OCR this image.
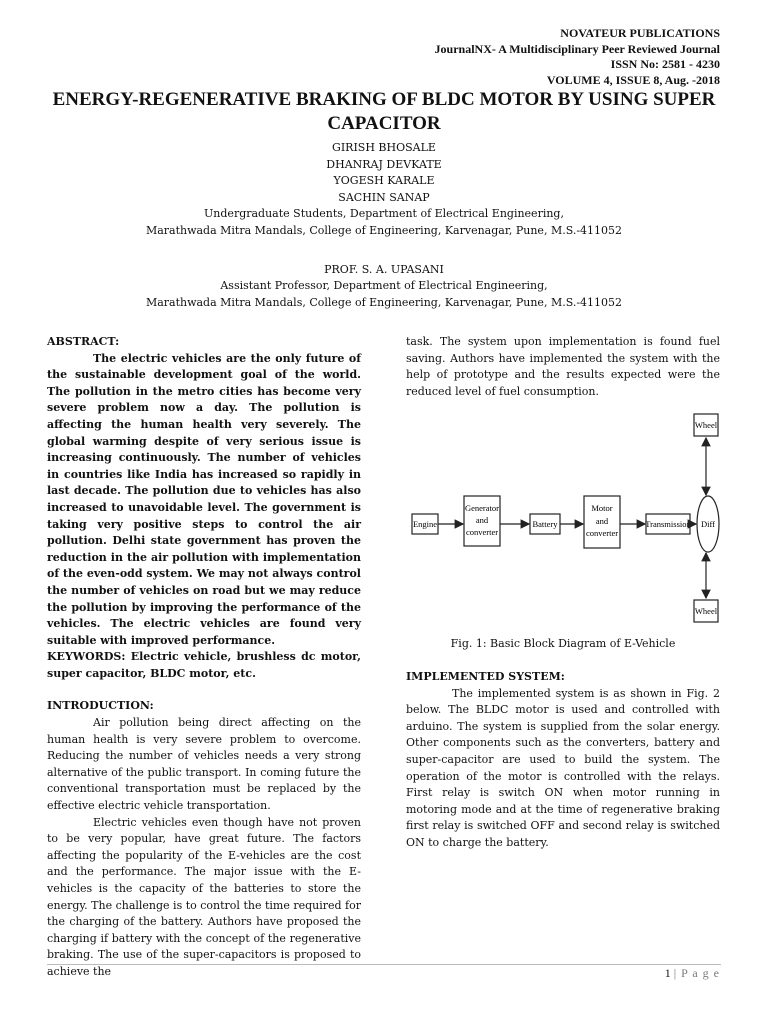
NOVATEUR PUBLICATIONS
JournalNX- A Multidisciplinary Peer Reviewed Journal
ISSN No: 2581 - 4230
VOLUME 4, ISSUE 8, Aug. -2018
ENERGY-REGENERATIVE BRAKING OF BLDC MOTOR BY USING SUPER
CAPACITOR
GIRISH BHOSALE
DHANRAJ DEVKATE
YOGESH KARALE
SACHIN SANAP
Undergraduate Students, Department of Electrical Engineering,
Marathwada Mitra Mandals, College of Engineering, Karvenagar, Pune, M.S.-411052
PROF. S. A. UPASANI
Assistant Professor, Department of Electrical Engineering,
Marathwada Mitra Mandals, College of Engineering, Karvenagar, Pune, M.S.-411052

ABSTRACT:

The electric vehicles are the only future of the sustainable development goal of the world. The pollution in the metro cities has become very severe problem now a day. The pollution is affecting the human health very severely. The global warming despite of very serious issue is increasing continuously. The number of vehicles in countries like India has increased so rapidly in last decade. The pollution due to vehicles has also increased to unavoidable level. The government is taking very positive steps to control the air pollution. Delhi state government has proven the reduction in the air pollution with implementation of the even-odd system. We may not always control the number of vehicles on road but we may reduce the pollution by improving the performance of the vehicles. The electric vehicles are found very suitable with improved performance.

KEYWORDS: Electric vehicle, brushless dc motor, super capacitor, BLDC motor, etc.

INTRODUCTION:

Air pollution being direct affecting on the human health is very severe problem to overcome. Reducing the number of vehicles needs a very strong alternative of the public transport. In coming future the conventional transportation must be replaced by the effective electric vehicle transportation.

Electric vehicles even though have not proven to be very popular, have great future. The factors affecting the popularity of the E-vehicles are the cost and the performance. The major issue with the E-vehicles is the capacity of the batteries to store the energy. The challenge is to control the time required for the charging of the battery. Authors have proposed the charging if battery with the concept of the regenerative braking. The use of the super-capacitors is proposed to achieve the

task. The system upon implementation is found fuel saving. Authors have implemented the system with the help of prototype and the results expected were the reduced level of fuel consumption.

Engine
Generator
and
converter
Battery
Motor
and
converter
Transmission Diff
Wheel
Wheel
Fig. 1: Basic Block Diagram of E-Vehicle

IMPLEMENTED SYSTEM:

The implemented system is as shown in Fig. 2 below. The BLDC motor is used and controlled with arduino. The system is supplied from the solar energy. Other components such as the converters, battery and super-capacitor are used to build the system. The operation of the motor is controlled with the relays. First relay is switch ON when motor running in motoring mode and at the time of regenerative braking first relay is switched OFF and second relay is switched ON to charge the battery.

1 | P a g e
